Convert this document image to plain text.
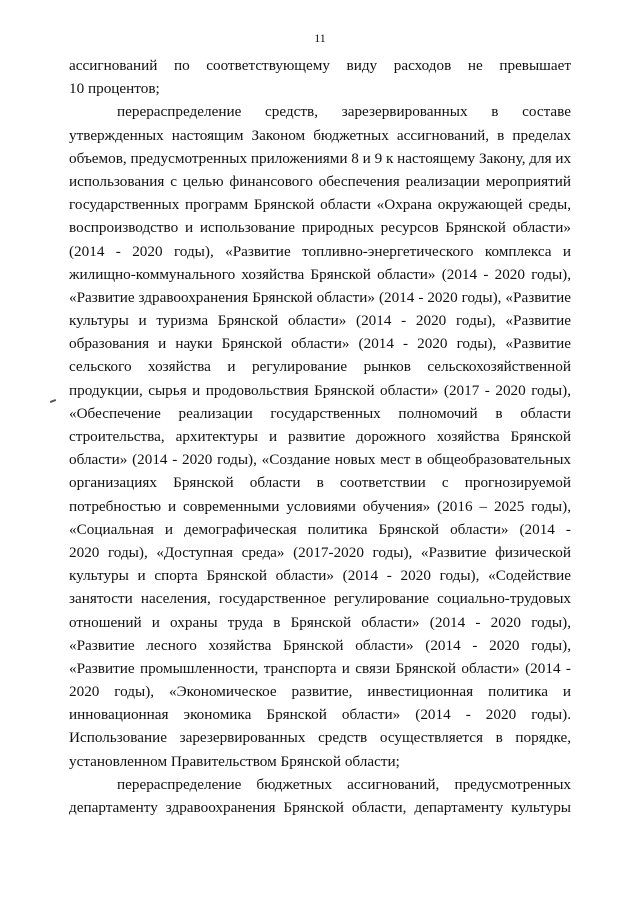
11
ассигнований по соответствующему виду расходов не превышает
10 процентов;
перераспределение средств, зарезервированных в составе
утвержденных настоящим Законом бюджетных ассигнований, в пределах
объемов, предусмотренных приложениями 8 и 9 к настоящему Закону, для их
использования с целью финансового обеспечения реализации мероприятий
государственных программ Брянской области «Охрана окружающей среды,
воспроизводство и использование природных ресурсов Брянской области»
(2014 - 2020 годы), «Развитие топливно-энергетического комплекса и
жилищно-коммунального хозяйства Брянской области» (2014 - 2020 годы),
«Развитие здравоохранения Брянской области» (2014 - 2020 годы), «Развитие
культуры и туризма Брянской области» (2014 - 2020 годы), «Развитие
образования и науки Брянской области» (2014 - 2020 годы), «Развитие
сельского хозяйства и регулирование рынков сельскохозяйственной
продукции, сырья и продовольствия Брянской области» (2017 - 2020 годы),
«Обеспечение реализации государственных полномочий в области
строительства, архитектуры и развитие дорожного хозяйства Брянской
области» (2014 - 2020 годы), «Создание новых мест в общеобразовательных
организациях Брянской области в соответствии с прогнозируемой
потребностью и современными условиями обучения» (2016 – 2025 годы),
«Социальная и демографическая политика Брянской области» (2014 -
2020 годы), «Доступная среда» (2017-2020 годы), «Развитие физической
культуры и спорта Брянской области» (2014 - 2020 годы), «Содействие
занятости населения, государственное регулирование социально-трудовых
отношений и охраны труда в Брянской области» (2014 - 2020 годы),
«Развитие лесного хозяйства Брянской области» (2014 - 2020 годы),
«Развитие промышленности, транспорта и связи Брянской области» (2014 -
2020 годы), «Экономическое развитие, инвестиционная политика и
инновационная экономика Брянской области» (2014 - 2020 годы).
Использование зарезервированных средств осуществляется в порядке,
установленном Правительством Брянской области;
перераспределение бюджетных ассигнований, предусмотренных
департаменту здравоохранения Брянской области, департаменту культуры
